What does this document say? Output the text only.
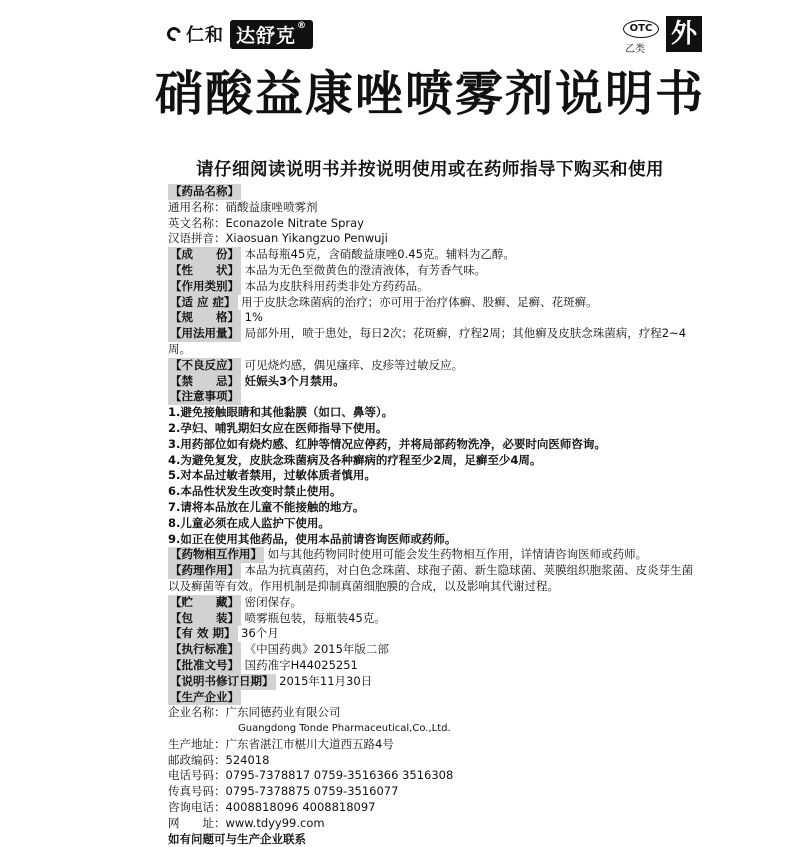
仁和 达舒克®	OTC
乙类
外
硝酸益康唑喷雾剂说明书
请仔细阅读说明书并按说明使用或在药师指导下购买和使用
【药品名称】
通用名称：硝酸益康唑喷雾剂
英文名称：Econazole Nitrate Spray
汉语拼音：Xiaosuan Yikangzuo Penwuji
【成　　份】 本品每瓶45克，含硝酸益康唑0.45克。辅料为乙醇。
【性　　状】 本品为无色至微黄色的澄清液体，有芳香气味。
【作用类别】 本品为皮肤科用药类非处方药药品。
【适 应 症】 用于皮肤念珠菌病的治疗；亦可用于治疗体癣、股癣、足癣、花斑癣。
【规　　格】 1%
【用法用量】 局部外用，喷于患处，每日2次；花斑癣，疗程2周；其他癣及皮肤念珠菌病，疗程2~4周。
【不良反应】 可见烧灼感，偶见瘙痒、皮疹等过敏反应。
【禁　　忌】 妊娠头3个月禁用。
【注意事项】
1.避免接触眼睛和其他黏膜（如口、鼻等）。
2.孕妇、哺乳期妇女应在医师指导下使用。
3.用药部位如有烧灼感、红肿等情况应停药，并将局部药物洗净，必要时向医师咨询。
4.为避免复发，皮肤念珠菌病及各种癣病的疗程至少2周，足癣至少4周。
5.对本品过敏者禁用，过敏体质者慎用。
6.本品性状发生改变时禁止使用。
7.请将本品放在儿童不能接触的地方。
8.儿童必须在成人监护下使用。
9.如正在使用其他药品，使用本品前请咨询医师或药师。
【药物相互作用】 如与其他药物同时使用可能会发生药物相互作用，详情请咨询医师或药师。
【药理作用】 本品为抗真菌药，对白色念珠菌、球孢子菌、新生隐球菌、荚膜组织胞浆菌、皮炎芽生菌以及癣菌等有效。作用机制是抑制真菌细胞膜的合成，以及影响其代谢过程。
【贮　　藏】 密闭保存。
【包　　装】 喷雾瓶包装，每瓶装45克。
【有 效 期】 36个月
【执行标准】 《中国药典》2015年版二部
【批准文号】 国药准字H44025251
【说明书修订日期】 2015年11月30日
【生产企业】
企业名称：广东同德药业有限公司
Guangdong Tonde Pharmaceutical,Co.,Ltd.
生产地址：广东省湛江市椹川大道西五路4号
邮政编码：524018
电话号码：0795-7378817 0759-3516366 3516308
传真号码：0795-7378875 0759-3516077
咨询电话：4008818096 4008818097
网　　址：www.tdyy99.com
如有问题可与生产企业联系
